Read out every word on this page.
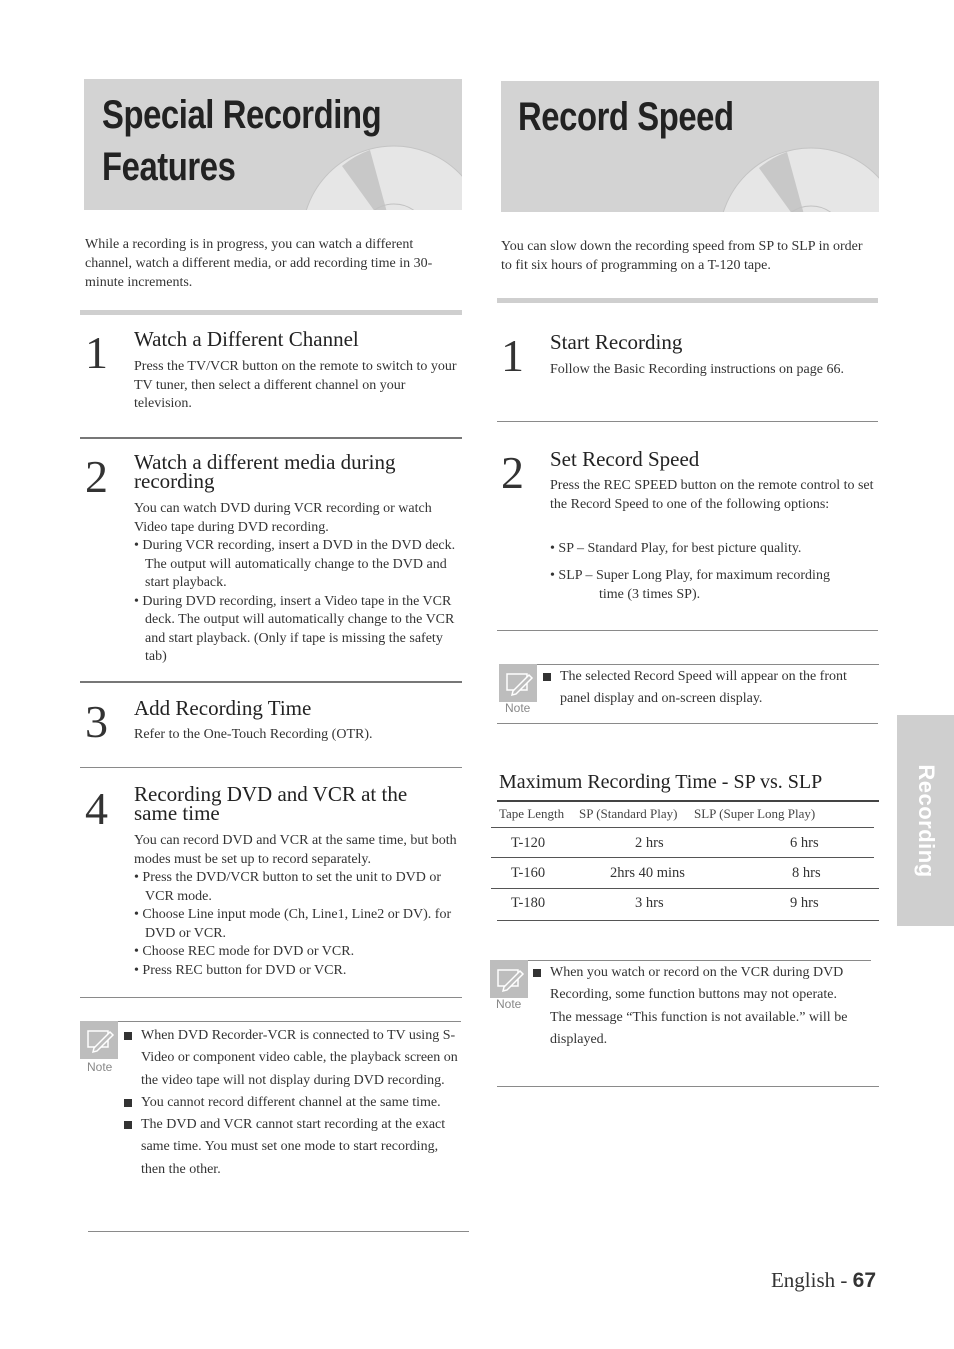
Special Recording
Features
While a recording is in progress, you can watch a different channel, watch a different media, or add recording time in 30-minute increments.
1 Watch a Different Channel
Press the TV/VCR button on the remote to switch to your TV tuner, then select a different channel on your television.
2 Watch a different media during
recording
You can watch DVD during VCR recording or watch Video tape during DVD recording.
• During VCR recording, insert a DVD in the DVD deck. The output will automatically change to the DVD and start playback.
• During DVD recording, insert a Video tape in the VCR deck. The output will automatically change to the VCR and start playback. (Only if tape is missing the safety tab)
3 Add Recording Time
Refer to the One-Touch Recording (OTR).
4 Recording DVD and VCR at the
same time
You can record DVD and VCR at the same time, but both modes must be set up to record separately.
• Press the DVD/VCR button to set the unit to DVD or VCR mode.
• Choose Line input mode (Ch, Line1, Line2 or DV). for DVD or VCR.
• Choose REC mode for DVD or VCR.
• Press REC button for DVD or VCR.
Note
When DVD Recorder-VCR is connected to TV using S-Video or component video cable, the playback screen on the video tape will not display during DVD recording.
You cannot record different channel at the same time.
The DVD and VCR cannot start recording at the exact same time. You must set one mode to start recording, then the other.
Record Speed
You can slow down the recording speed from SP to SLP in order to fit six hours of programming on a T-120 tape.
1 Start Recording
Follow the Basic Recording instructions on page 66.
2 Set Record Speed
Press the REC SPEED button on the remote control to set the Record Speed to one of the following options:
• SP – Standard Play, for best picture quality.
• SLP – Super Long Play, for maximum recording
time (3 times SP).
Note
The selected Record Speed will appear on the front panel display and on-screen display.
Maximum Recording Time - SP vs. SLP
Tape Length SP (Standard Play) SLP (Super Long Play)
T-120	2 hrs	6 hrs
T-160	2hrs 40 mins	8 hrs
T-180	3 hrs	9 hrs
Note
When you watch or record on the VCR during DVD Recording, some function buttons may not operate.
The message “This function is not available.” will be displayed.
Recording
English - 67
